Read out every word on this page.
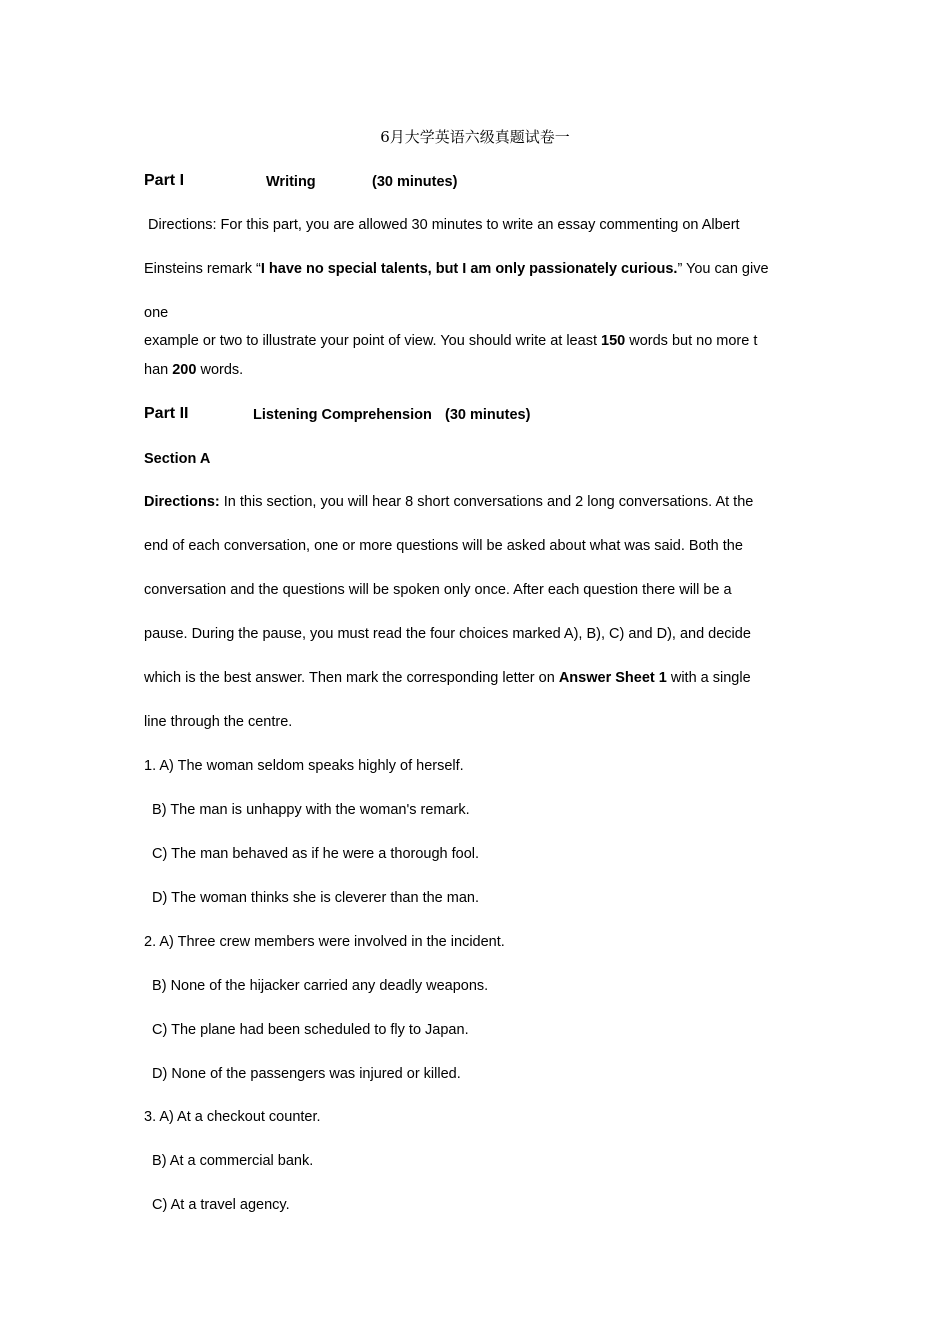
6月大学英语六级真题试卷一
Part I	Writing	(30 minutes)
Directions: For this part, you are allowed 30 minutes to write an essay commenting on Albert
Einsteins remark “I have no special talents, but I am only passionately curious.” You can give
one
example or two to illustrate your point of view. You should write at least 150 words but no more t
han 200 words.
Part II	Listening Comprehension (30 minutes)
Section A
Directions: In this section, you will hear 8 short conversations and 2 long conversations. At the
end of each conversation, one or more questions will be asked about what was said. Both the
conversation and the questions will be spoken only once. After each question there will be a
pause. During the pause, you must read the four choices marked A), B), C) and D), and decide
which is the best answer. Then mark the corresponding letter on Answer Sheet 1 with a single
line through the centre.
1. A) The woman seldom speaks highly of herself.
B) The man is unhappy with the woman's remark.
C) The man behaved as if he were a thorough fool.
D) The woman thinks she is cleverer than the man.
2. A) Three crew members were involved in the incident.
B) None of the hijacker carried any deadly weapons.
C) The plane had been scheduled to fly to Japan.
D) None of the passengers was injured or killed.
3. A) At a checkout counter.
B) At a commercial bank.
C) At a travel agency.
